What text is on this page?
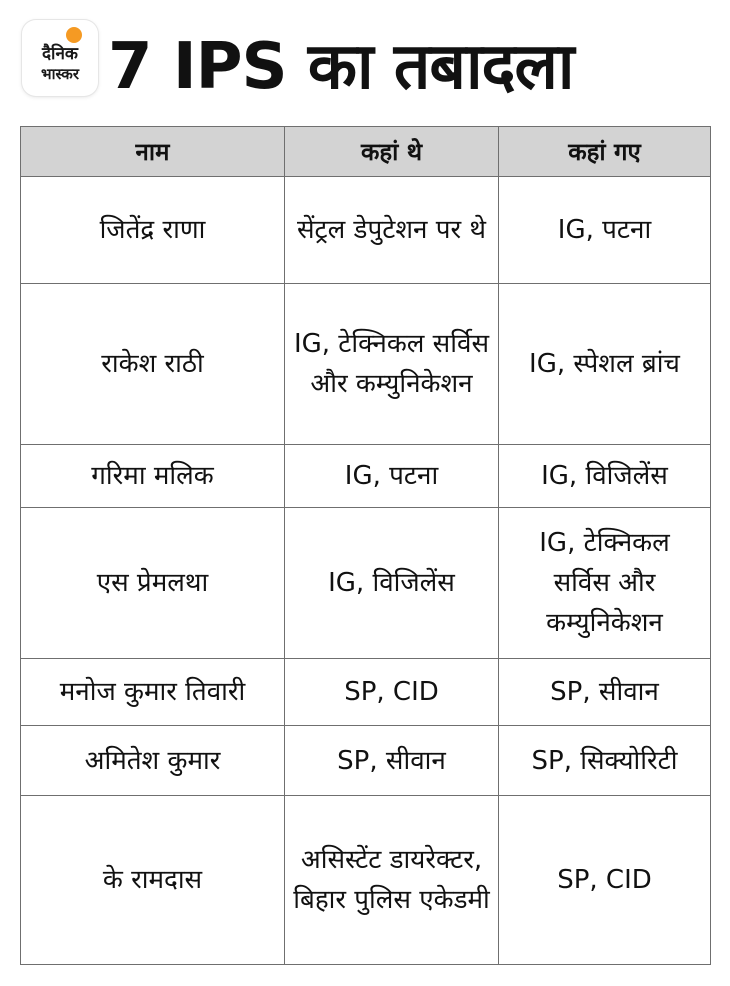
दैनिक
भास्कर 7 IPS का तबादला
नाम	कहां थे	कहां गए
जितेंद्र राणा	सेंट्रल डेपुटेशन पर थे	IG, पटना
राकेश राठी	IG, टेक्निकल सर्विस और कम्युनिकेशन	IG, स्पेशल ब्रांच
गरिमा मलिक	IG, पटना	IG, विजिलेंस
एस प्रेमलथा	IG, विजिलेंस	IG, टेक्निकल सर्विस और कम्युनिकेशन
मनोज कुमार तिवारी	SP, CID	SP, सीवान
अमितेश कुमार	SP, सीवान	SP, सिक्योरिटी
के रामदास	असिस्टेंट डायरेक्टर, बिहार पुलिस एकेडमी	SP, CID
